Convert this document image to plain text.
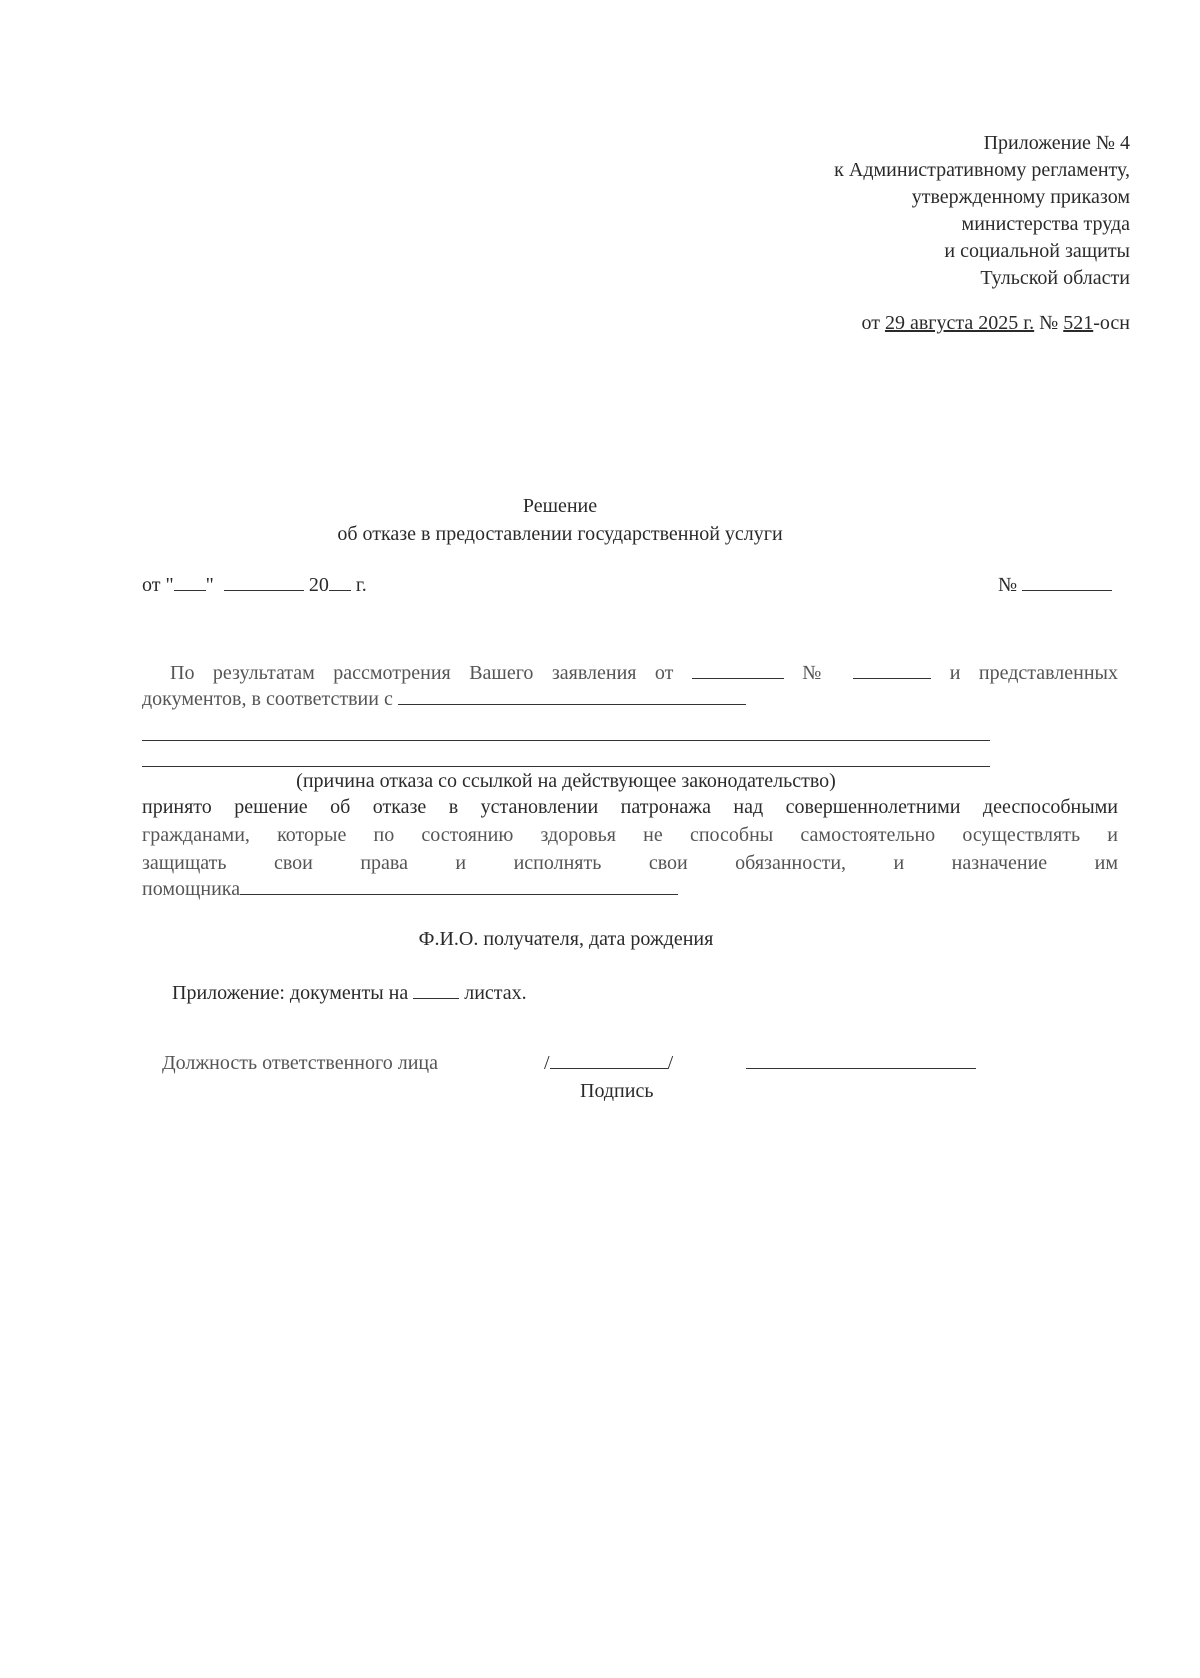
Приложение № 4
к Административному регламенту,
утвержденному приказом
министерства труда
и социальной защиты
Тульской области
от 29 августа 2025 г. № 521-осн
Решение
об отказе в предоставлении государственной услуги
от " "	20 г.	№
По результатам рассмотрения Вашего заявления от	№	и представленных
документов, в соответствии с
(причина отказа со ссылкой на действующее законодательство)
принято решение об отказе в установлении патронажа над совершеннолетними дееспособными
гражданами, которые по состоянию здоровья не способны самостоятельно осуществлять и
защищать свои права и исполнять свои обязанности, и назначение им
помощника
Ф.И.О. получателя, дата рождения
Приложение: документы на	листах.
Должность ответственного лица	/	/
Подпись
